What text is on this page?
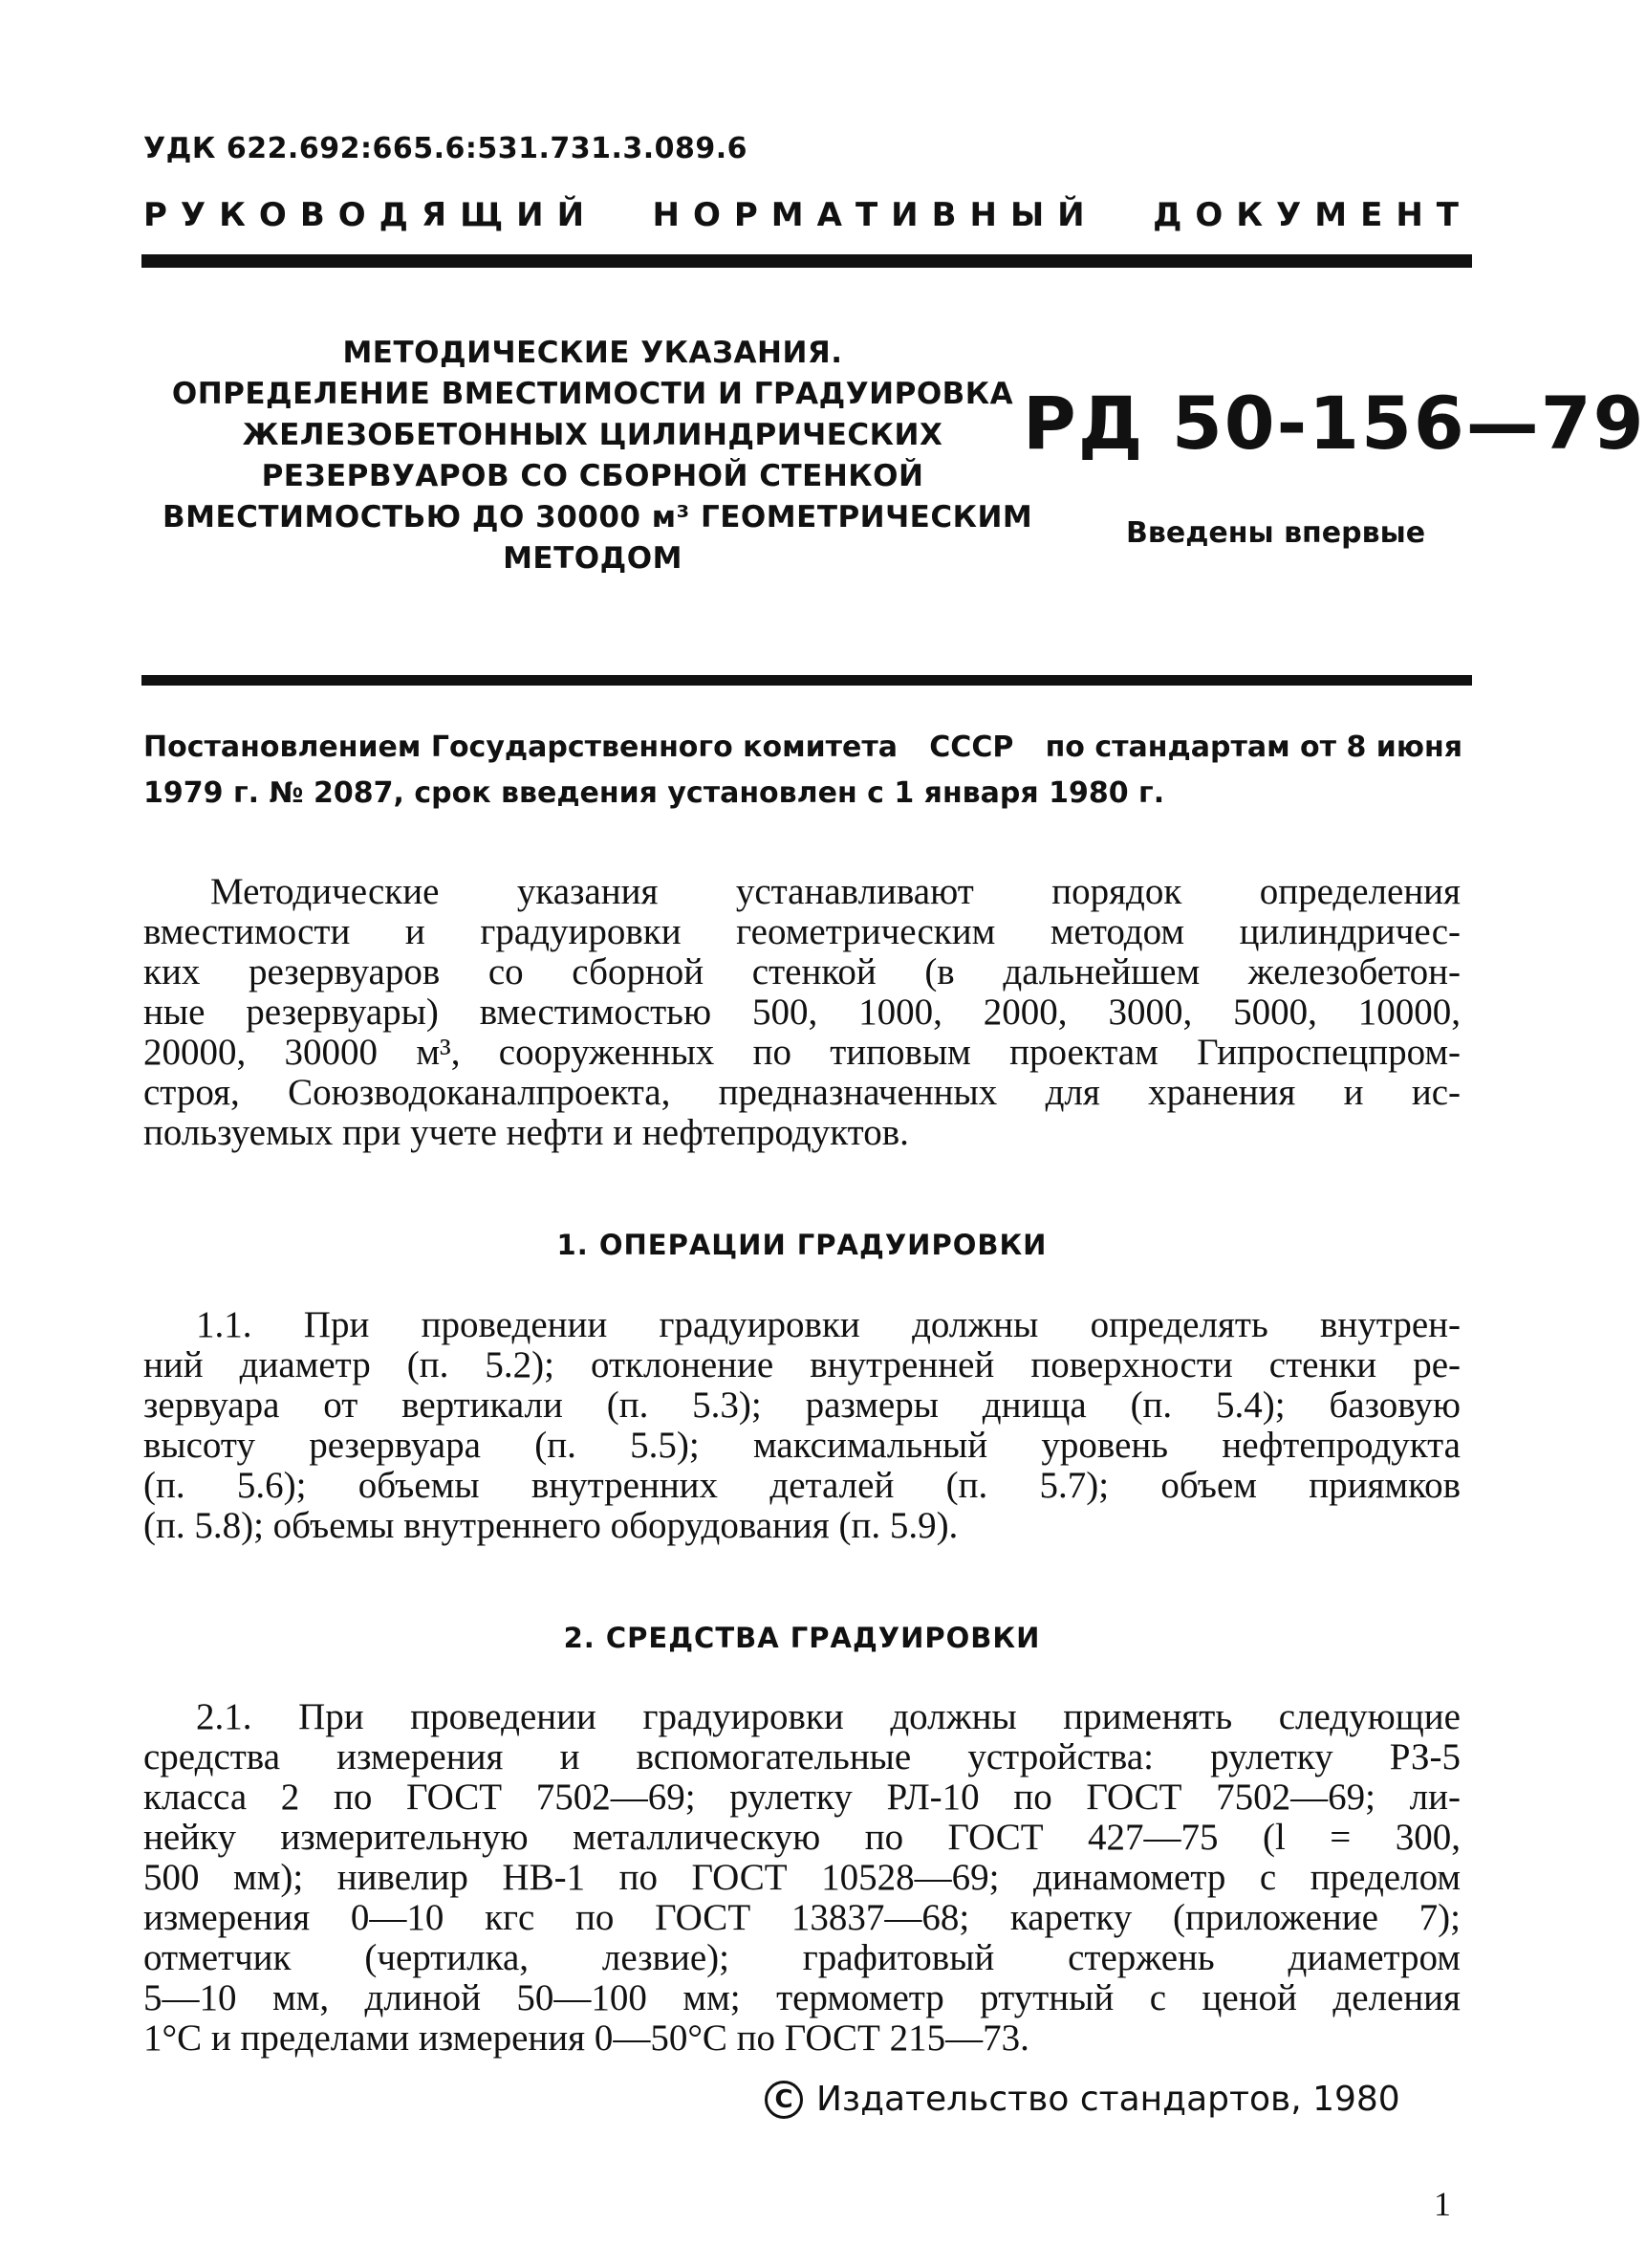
УДК 622.692:665.6:531.731.3.089.6
РУКОВОДЯЩИЙ НОРМАТИВНЫЙ ДОКУМЕНТ
МЕТОДИЧЕСКИЕ УКАЗАНИЯ.
ОПРЕДЕЛЕНИЕ ВМЕСТИМОСТИ И ГРАДУИРОВКА
ЖЕЛЕЗОБЕТОННЫХ ЦИЛИНДРИЧЕСКИХ
РЕЗЕРВУАРОВ СО СБОРНОЙ СТЕНКОЙ
ВМЕСТИМОСТЬЮ ДО 30000 м³ ГЕОМЕТРИЧЕСКИМ
МЕТОДОМ
РД 50-156—79
Введены впервые
Постановлением Государственного комитета СССР по стандартам от 8 июня
1979 г. № 2087, срок введения установлен с 1 января 1980 г.
Методические указания устанавливают порядок определения
вместимости и градуировки геометрическим методом цилиндричес-
ких резервуаров со сборной стенкой (в дальнейшем железобетон-
ные резервуары) вместимостью 500, 1000, 2000, 3000, 5000, 10000,
20000, 30000 м³, сооруженных по типовым проектам Гипроспецпром-
строя, Союзводоканалпроекта, предназначенных для хранения и ис-
пользуемых при учете нефти и нефтепродуктов.
1. ОПЕРАЦИИ ГРАДУИРОВКИ
1.1. При проведении градуировки должны определять внутрен-
ний диаметр (п. 5.2); отклонение внутренней поверхности стенки ре-
зервуара от вертикали (п. 5.3); размеры днища (п. 5.4); базовую
высоту резервуара (п. 5.5); максимальный уровень нефтепродукта
(п. 5.6); объемы внутренних деталей (п. 5.7); объем приямков
(п. 5.8); объемы внутреннего оборудования (п. 5.9).
2. СРЕДСТВА ГРАДУИРОВКИ
2.1. При проведении градуировки должны применять следующие
средства измерения и вспомогательные устройства: рулетку РЗ-5
класса 2 по ГОСТ 7502—69; рулетку РЛ-10 по ГОСТ 7502—69; ли-
нейку измерительную металлическую по ГОСТ 427—75 (l = 300,
500 мм); нивелир НВ-1 по ГОСТ 10528—69; динамометр с пределом
измерения 0—10 кгс по ГОСТ 13837—68; каретку (приложение 7);
отметчик (чертилка, лезвие); графитовый стержень диаметром
5—10 мм, длиной 50—100 мм; термометр ртутный с ценой деления
1°С и пределами измерения 0—50°С по ГОСТ 215—73.
C Издательство стандартов, 1980
1
